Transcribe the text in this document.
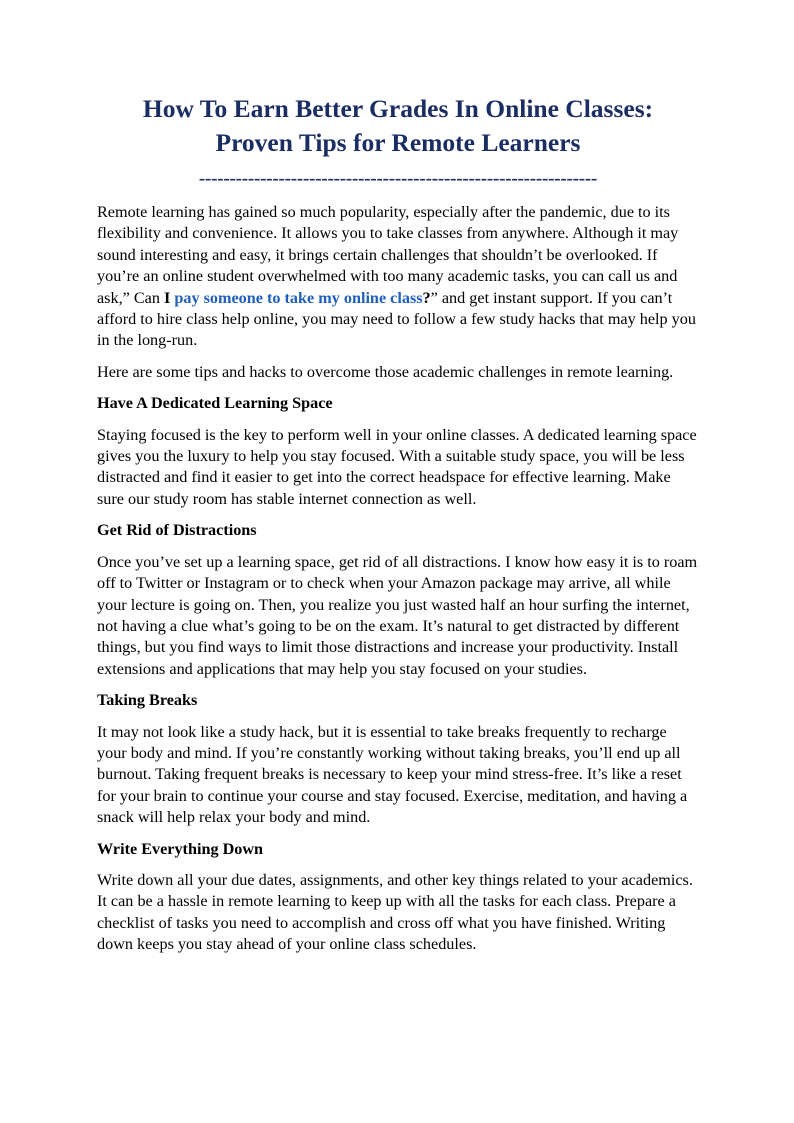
How To Earn Better Grades In Online Classes:
Proven Tips for Remote Learners
-----------------------------------------------------------------

Remote learning has gained so much popularity, especially after the pandemic, due to its flexibility and convenience. It allows you to take classes from anywhere. Although it may sound interesting and easy, it brings certain challenges that shouldn’t be overlooked. If you’re an online student overwhelmed with too many academic tasks, you can call us and ask,” Can I pay someone to take my online class?” and get instant support. If you can’t afford to hire class help online, you may need to follow a few study hacks that may help you in the long-run.

Here are some tips and hacks to overcome those academic challenges in remote learning.

Have A Dedicated Learning Space

Staying focused is the key to perform well in your online classes. A dedicated learning space gives you the luxury to help you stay focused. With a suitable study space, you will be less distracted and find it easier to get into the correct headspace for effective learning. Make sure our study room has stable internet connection as well.

Get Rid of Distractions

Once you’ve set up a learning space, get rid of all distractions. I know how easy it is to roam off to Twitter or Instagram or to check when your Amazon package may arrive, all while your lecture is going on. Then, you realize you just wasted half an hour surfing the internet, not having a clue what’s going to be on the exam. It’s natural to get distracted by different things, but you find ways to limit those distractions and increase your productivity. Install extensions and applications that may help you stay focused on your studies.

Taking Breaks

It may not look like a study hack, but it is essential to take breaks frequently to recharge your body and mind. If you’re constantly working without taking breaks, you’ll end up all burnout. Taking frequent breaks is necessary to keep your mind stress-free. It’s like a reset for your brain to continue your course and stay focused. Exercise, meditation, and having a snack will help relax your body and mind.

Write Everything Down

Write down all your due dates, assignments, and other key things related to your academics. It can be a hassle in remote learning to keep up with all the tasks for each class. Prepare a checklist of tasks you need to accomplish and cross off what you have finished. Writing down keeps you stay ahead of your online class schedules.
